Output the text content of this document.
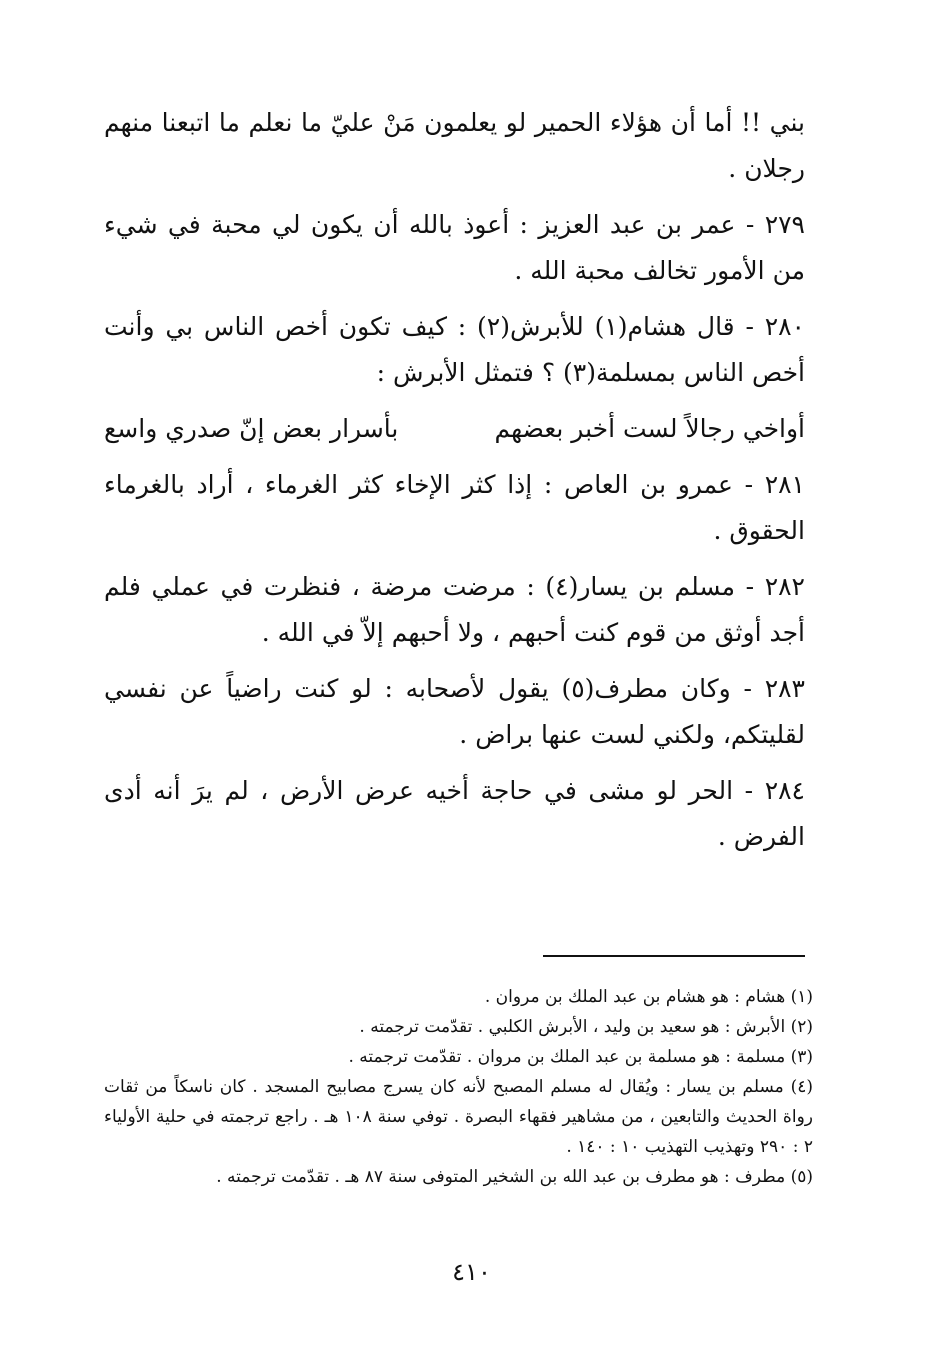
بني !! أما أن هؤلاء الحمير لو يعلمون مَنْ عليّ ما نعلم ما اتبعنا منهم رجلان .

٢٧٩ - عمر بن عبد العزيز : أعوذ بالله أن يكون لي محبة في شيء من الأمور تخالف محبة الله .

٢٨٠ - قال هشام(١) للأبرش(٢) : كيف تكون أخص الناس بي وأنت أخص الناس بمسلمة(٣) ؟ فتمثل الأبرش :

أواخي رجالاً لست أخبر بعضهم
بأسرار بعض إنّ صدري واسع

٢٨١ - عمرو بن العاص : إذا كثر الإخاء كثر الغرماء ، أراد بالغرماء الحقوق .

٢٨٢ - مسلم بن يسار(٤) : مرضت مرضة ، فنظرت في عملي فلم أجد أوثق من قوم كنت أحبهم ، ولا أحبهم إلاّ في الله .

٢٨٣ - وكان مطرف(٥) يقول لأصحابه : لو كنت راضياً عن نفسي لقليتكم، ولكني لست عنها براض .

٢٨٤ - الحر لو مشى في حاجة أخيه عرض الأرض ، لم يرَ أنه أدى الفرض .

(١) هشام : هو هشام بن عبد الملك بن مروان .

(٢) الأبرش : هو سعيد بن وليد ، الأبرش الكلبي . تقدّمت ترجمته .

(٣) مسلمة : هو مسلمة بن عبد الملك بن مروان . تقدّمت ترجمته .

(٤) مسلم بن يسار : ويُقال له مسلم المصبح لأنه كان يسرج مصابيح المسجد . كان ناسكاً من ثقات رواة الحديث والتابعين ، من مشاهير فقهاء البصرة . توفي سنة ١٠٨ هـ . راجع ترجمته في حلية الأولياء ٢ : ٢٩٠ وتهذيب التهذيب ١٠ : ١٤٠ .

(٥) مطرف : هو مطرف بن عبد الله بن الشخير المتوفى سنة ٨٧ هـ . تقدّمت ترجمته .

٤١٠
